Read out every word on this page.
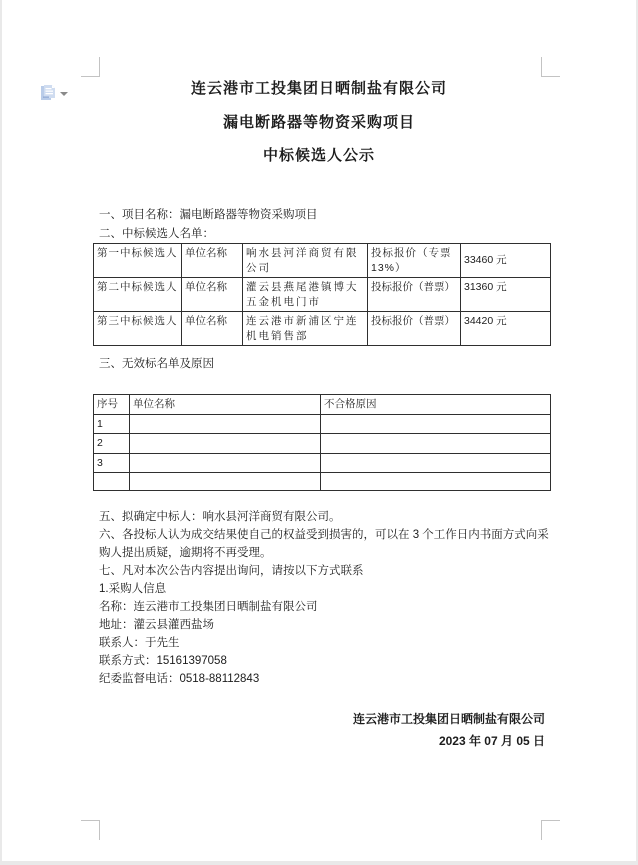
连云港市工投集团日晒制盐有限公司
漏电断路器等物资采购项目
中标候选人公示
一、项目名称：漏电断路器等物资采购项目
二、中标候选人名单：
第一中标候选人	单位名称	响水县河洋商贸有限公司	投标报价（专票13%）	33460 元
第二中标候选人	单位名称	灌云县燕尾港镇博大五金机电门市	投标报价（普票）	31360 元
第三中标候选人	单位名称	连云港市新浦区宁连机电销售部	投标报价（普票）	34420 元
三、无效标名单及原因
序号	单位名称	不合格原因
1		
2		
3		

五、拟确定中标人：响水县河洋商贸有限公司。
六、各投标人认为成交结果使自己的权益受到损害的，可以在 3 个工作日内书面方式向采购人提出质疑，逾期将不再受理。
七、凡对本次公告内容提出询问，请按以下方式联系
1.采购人信息
名称：连云港市工投集团日晒制盐有限公司
地址：灌云县灌西盐场
联系人：于先生
联系方式：15161397058
纪委监督电话：0518-88112843
连云港市工投集团日晒制盐有限公司
2023 年 07 月 05 日
